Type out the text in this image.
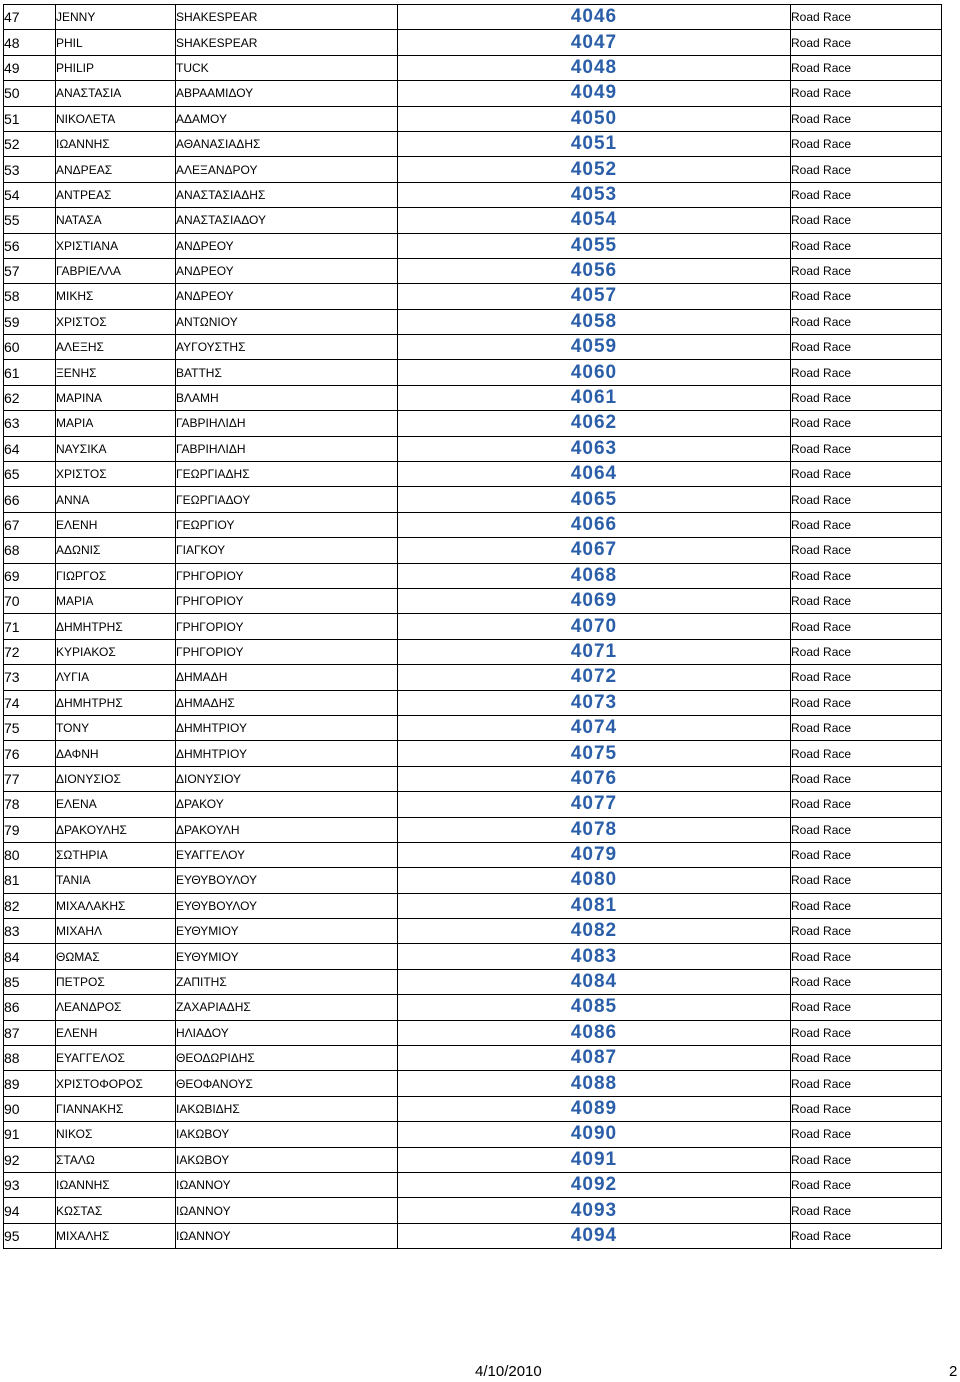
47	JENNY	SHAKESPEAR	4046	Road Race
48	PHIL	SHAKESPEAR	4047	Road Race
49	PHILIP	TUCK	4048	Road Race
50	ΑΝΑΣΤΑΣΙΑ	ΑΒΡΑΑΜΙΔΟΥ	4049	Road Race
51	ΝΙΚΟΛΕΤΑ	ΑΔΑΜΟΥ	4050	Road Race
52	ΙΩΑΝΝΗΣ	ΑΘΑΝΑΣΙΑΔΗΣ	4051	Road Race
53	ΑΝΔΡΕΑΣ	ΑΛΕΞΑΝΔΡΟΥ	4052	Road Race
54	ΑΝΤΡΕΑΣ	ΑΝΑΣΤΑΣΙΑΔΗΣ	4053	Road Race
55	ΝΑΤΑΣΑ	ΑΝΑΣΤΑΣΙΑΔΟΥ	4054	Road Race
56	ΧΡΙΣΤΙΑΝΑ	ΑΝΔΡΕΟΥ	4055	Road Race
57	ΓΑΒΡΙΕΛΛΑ	ΑΝΔΡΕΟΥ	4056	Road Race
58	ΜΙΚΗΣ	ΑΝΔΡΕΟΥ	4057	Road Race
59	ΧΡΙΣΤΟΣ	ΑΝΤΩΝΙΟΥ	4058	Road Race
60	ΑΛΕΞΗΣ	ΑΥΓΟΥΣΤΗΣ	4059	Road Race
61	ΞΕΝΗΣ	ΒΑΤΤΗΣ	4060	Road Race
62	ΜΑΡΙΝΑ	ΒΛΑΜΗ	4061	Road Race
63	ΜΑΡΙΑ	ΓΑΒΡΙΗΛΙΔΗ	4062	Road Race
64	ΝΑΥΣΙΚΑ	ΓΑΒΡΙΗΛΙΔΗ	4063	Road Race
65	ΧΡΙΣΤΟΣ	ΓΕΩΡΓΙΑΔΗΣ	4064	Road Race
66	ΑΝΝΑ	ΓΕΩΡΓΙΑΔΟΥ	4065	Road Race
67	ΕΛΕΝΗ	ΓΕΩΡΓΙΟΥ	4066	Road Race
68	ΑΔΩΝΙΣ	ΓΙΑΓΚΟΥ	4067	Road Race
69	ΓΙΩΡΓΟΣ	ΓΡΗΓΟΡΙΟΥ	4068	Road Race
70	ΜΑΡΙΑ	ΓΡΗΓΟΡΙΟΥ	4069	Road Race
71	ΔΗΜΗΤΡΗΣ	ΓΡΗΓΟΡΙΟΥ	4070	Road Race
72	ΚΥΡΙΑΚΟΣ	ΓΡΗΓΟΡΙΟΥ	4071	Road Race
73	ΛΥΓΙΑ	ΔΗΜΑΔΗ	4072	Road Race
74	ΔΗΜΗΤΡΗΣ	ΔΗΜΑΔΗΣ	4073	Road Race
75	ΤΟΝΥ	ΔΗΜΗΤΡΙΟΥ	4074	Road Race
76	ΔΑΦΝΗ	ΔΗΜΗΤΡΙΟΥ	4075	Road Race
77	ΔΙΟΝΥΣΙΟΣ	ΔΙΟΝΥΣΙΟΥ	4076	Road Race
78	ΕΛΕΝΑ	ΔΡΑΚΟΥ	4077	Road Race
79	ΔΡΑΚΟΥΛΗΣ	ΔΡΑΚΟΥΛΗ	4078	Road Race
80	ΣΩΤΗΡΙΑ	ΕΥΑΓΓΕΛΟΥ	4079	Road Race
81	ΤΑΝΙΑ	ΕΥΘΥΒΟΥΛΟΥ	4080	Road Race
82	ΜΙΧΑΛΑΚΗΣ	ΕΥΘΥΒΟΥΛΟΥ	4081	Road Race
83	ΜΙΧΑΗΛ	ΕΥΘΥΜΙΟΥ	4082	Road Race
84	ΘΩΜΑΣ	ΕΥΘΥΜΙΟΥ	4083	Road Race
85	ΠΕΤΡΟΣ	ΖΑΠΙΤΗΣ	4084	Road Race
86	ΛΕΑΝΔΡΟΣ	ΖΑΧΑΡΙΑΔΗΣ	4085	Road Race
87	ΕΛΕΝΗ	ΗΛΙΑΔΟΥ	4086	Road Race
88	ΕΥΑΓΓΕΛΟΣ	ΘΕΟΔΩΡΙΔΗΣ	4087	Road Race
89	ΧΡΙΣΤΟΦΟΡΟΣ	ΘΕΟΦΑΝΟΥΣ	4088	Road Race
90	ΓΙΑΝΝΑΚΗΣ	ΙΑΚΩΒΙΔΗΣ	4089	Road Race
91	ΝΙΚΟΣ	ΙΑΚΩΒΟΥ	4090	Road Race
92	ΣΤΑΛΩ	ΙΑΚΩΒΟΥ	4091	Road Race
93	ΙΩΑΝΝΗΣ	ΙΩΑΝΝΟΥ	4092	Road Race
94	ΚΩΣΤΑΣ	ΙΩΑΝΝΟΥ	4093	Road Race
95	ΜΙΧΑΛΗΣ	ΙΩΑΝΝΟΥ	4094	Road Race
4/10/2010	2
